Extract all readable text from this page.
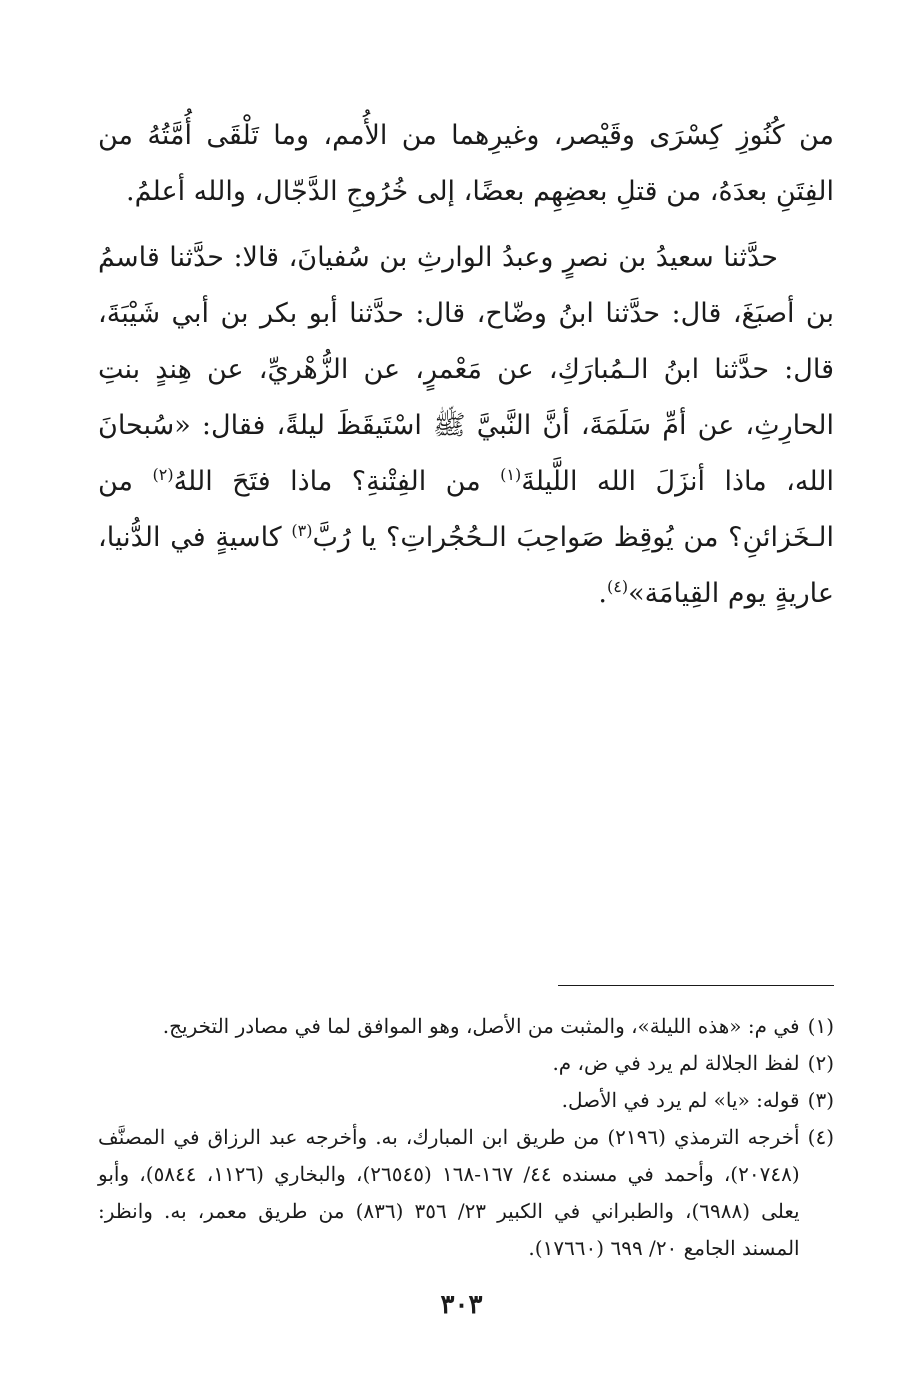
من كُنُوزِ كِسْرَى وقَيْصر، وغيرِهما من الأُمم، وما تَلْقَى أُمَّتُهُ من الفِتَنِ بعدَهُ، من قتلِ بعضِهِم بعضًا، إلى خُرُوجِ الدَّجّال، والله أعلمُ.

حدَّثنا سعيدُ بن نصرٍ وعبدُ الوارثِ بن سُفيانَ، قالا: حدَّثنا قاسمُ بن أصبَغَ، قال: حدَّثنا ابنُ وضّاح، قال: حدَّثنا أبو بكر بن أبي شَيْبَةَ، قال: حدَّثنا ابنُ الـمُبارَكِ، عن مَعْمرٍ، عن الزُّهْريِّ، عن هِندٍ بنتِ الحارِثِ، عن أمِّ سَلَمَةَ، أنَّ النَّبيَّ ﷺ اسْتَيقَظَ ليلةً، فقال: «سُبحانَ الله، ماذا أنزَلَ الله اللَّيلةَ$^{(١)}$ من الفِتْنةِ؟ ماذا فتَحَ اللهُ$^{(٢)}$ من الـخَزائنِ؟ من يُوقِظ صَواحِبَ الـحُجُراتِ؟ يا رُبَّ$^{(٣)}$ كاسيةٍ في الدُّنيا، عاريةٍ يوم القِيامَة»$^{(٤)}$.

(١)
في م: «هذه الليلة»، والمثبت من الأصل، وهو الموافق لما في مصادر التخريج.
(٢)
لفظ الجلالة لم يرد في ض، م.
(٣)
قوله: «يا» لم يرد في الأصل.
(٤)
أخرجه الترمذي (٢١٩٦) من طريق ابن المبارك، به. وأخرجه عبد الرزاق في المصنَّف (٢٠٧٤٨)، وأحمد في مسنده ٤٤/ ١٦٧-١٦٨ (٢٦٥٤٥)، والبخاري (١١٢٦، ٥٨٤٤)، وأبو يعلى (٦٩٨٨)، والطبراني في الكبير ٢٣/ ٣٥٦ (٨٣٦) من طريق معمر، به. وانظر: المسند الجامع ٢٠/ ٦٩٩ (١٧٦٦٠).
٣٠٣
